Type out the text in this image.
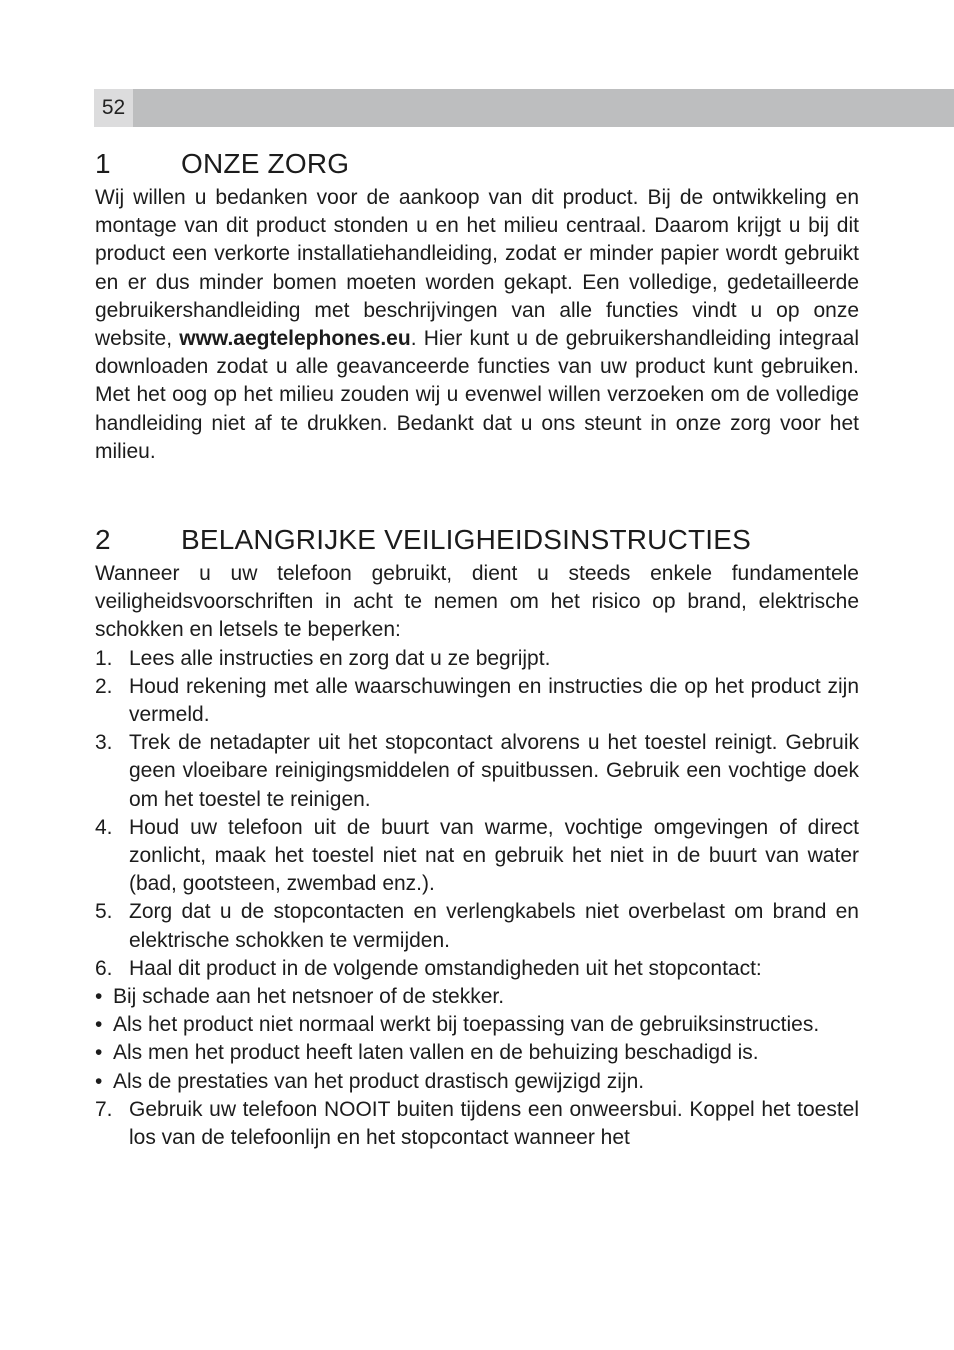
52
1	ONZE ZORG

Wij willen u bedanken voor de aankoop van dit product. Bij de ontwikkeling en montage van dit product stonden u en het milieu centraal. Daarom krijgt u bij dit product een verkorte installatiehandleiding, zodat er minder papier wordt gebruikt en er dus minder bomen moeten worden gekapt. Een volledige, gedetailleerde gebruikershandleiding met beschrijvingen van alle functies vindt u op onze website, www.aegtelephones.eu. Hier kunt u de gebruikershandleiding integraal downloaden zodat u alle geavanceerde functies van uw product kunt gebruiken. Met het oog op het milieu zouden wij u evenwel willen verzoeken om de volledige handleiding niet af te drukken. Bedankt dat u ons steunt in onze zorg voor het milieu.

2	BELANGRIJKE VEILIGHEIDSINSTRUCTIES

Wanneer u uw telefoon gebruikt, dient u steeds enkele fundamentele veiligheidsvoorschriften in acht te nemen om het risico op brand, elektrische schokken en letsels te beperken:

1. Lees alle instructies en zorg dat u ze begrijpt.
2. Houd rekening met alle waarschuwingen en instructies die op het product zijn vermeld.
3. Trek de netadapter uit het stopcontact alvorens u het toestel reinigt. Gebruik geen vloeibare reinigingsmiddelen of spuitbussen. Gebruik een vochtige doek om het toestel te reinigen.
4. Houd uw telefoon uit de buurt van warme, vochtige omgevingen of direct zonlicht, maak het toestel niet nat en gebruik het niet in de buurt van water (bad, gootsteen, zwembad enz.).
5. Zorg dat u de stopcontacten en verlengkabels niet overbelast om brand en elektrische schokken te vermijden.
6. Haal dit product in de volgende omstandigheden uit het stopcontact:
• Bij schade aan het netsnoer of de stekker.
• Als het product niet normaal werkt bij toepassing van de gebruiksinstructies.
• Als men het product heeft laten vallen en de behuizing beschadigd is.
• Als de prestaties van het product drastisch gewijzigd zijn.
7. Gebruik uw telefoon NOOIT buiten tijdens een onweersbui. Koppel het toestel los van de telefoonlijn en het stopcontact wanneer het
